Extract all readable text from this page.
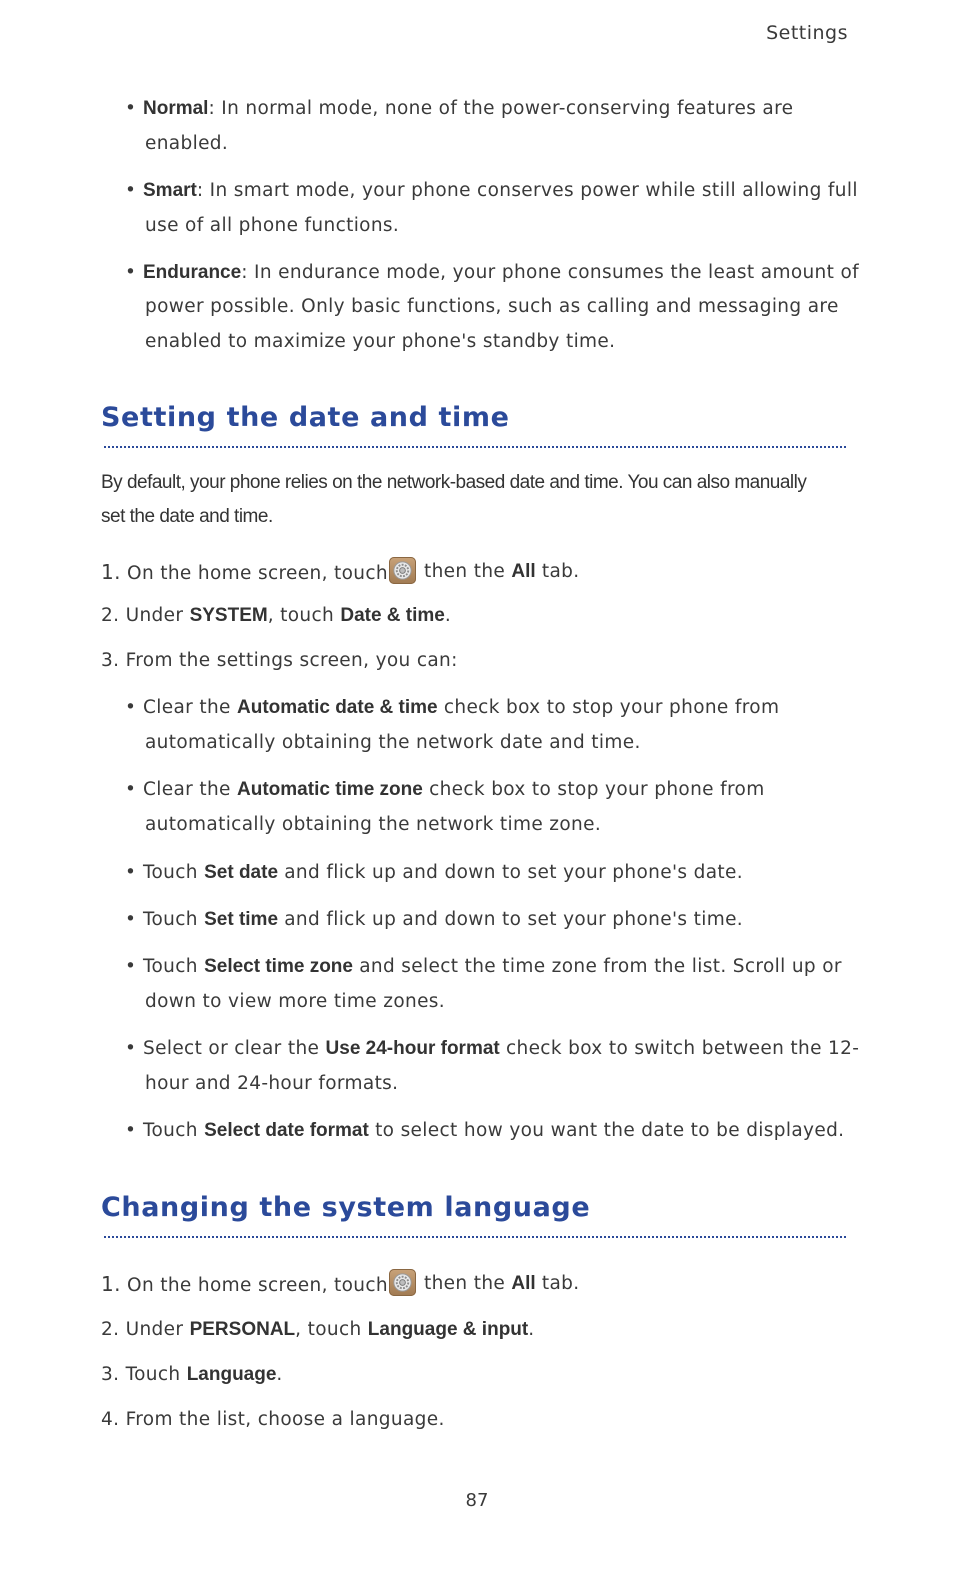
Settings
• Normal: In normal mode, none of the power-conserving features are
enabled.
• Smart: In smart mode, your phone conserves power while still allowing full
use of all phone functions.
• Endurance: In endurance mode, your phone consumes the least amount of
power possible. Only basic functions, such as calling and messaging are
enabled to maximize your phone's standby time.
Setting the date and time
By default, your phone relies on the network-based date and time. You can also manually
set the date and time.
1. On the home screen, touch then the All tab.
2. Under SYSTEM, touch Date & time.
3. From the settings screen, you can:
• Clear the Automatic date & time check box to stop your phone from
automatically obtaining the network date and time.
• Clear the Automatic time zone check box to stop your phone from
automatically obtaining the network time zone.
• Touch Set date and flick up and down to set your phone's date.
• Touch Set time and flick up and down to set your phone's time.
• Touch Select time zone and select the time zone from the list. Scroll up or
down to view more time zones.
• Select or clear the Use 24-hour format check box to switch between the 12-
hour and 24-hour formats.
• Touch Select date format to select how you want the date to be displayed.
Changing the system language
1. On the home screen, touch then the All tab.
2. Under PERSONAL, touch Language & input.
3. Touch Language.
4. From the list, choose a language.
87
